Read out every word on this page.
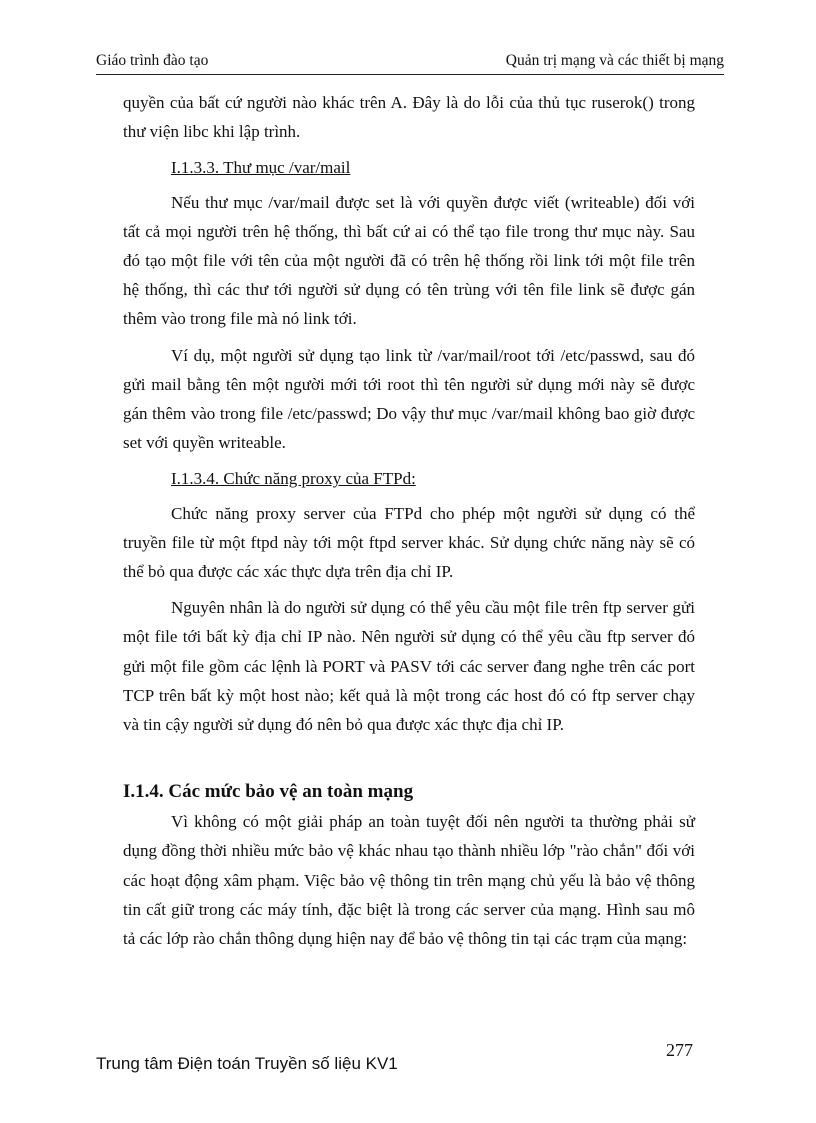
Giáo trình đào tạo	Quản trị mạng và các thiết bị mạng

quyền của bất cứ người nào khác trên A. Đây là do lỗi của thủ tục ruserok() trong thư viện libc khi lập trình.

I.1.3.3. Thư mục /var/mail

Nếu thư mục /var/mail được set là với quyền được viết (writeable) đối với tất cả mọi người trên hệ thống, thì bất cứ ai có thể tạo file trong thư mục này. Sau đó tạo một file với tên của một người đã có trên hệ thống rồi link tới một file trên hệ thống, thì các thư tới người sử dụng có tên trùng với tên file link sẽ được gán thêm vào trong file mà nó link tới.

Ví dụ, một người sử dụng tạo link từ /var/mail/root tới /etc/passwd, sau đó gửi mail bằng tên một người mới tới root thì tên người sử dụng mới này sẽ được gán thêm vào trong file /etc/passwd; Do vậy thư mục /var/mail không bao giờ được set với quyền writeable.

I.1.3.4. Chức năng proxy của FTPd:

Chức năng proxy server của FTPd cho phép một người sử dụng có thể truyền file từ một ftpd này tới một ftpd server khác. Sử dụng chức năng này sẽ có thể bỏ qua được các xác thực dựa trên địa chỉ IP.

Nguyên nhân là do người sử dụng có thể yêu cầu một file trên ftp server gửi một file tới bất kỳ địa chỉ IP nào. Nên người sử dụng có thể yêu cầu ftp server đó gửi một file gồm các lệnh là PORT và PASV tới các server đang nghe trên các port TCP trên bất kỳ một host nào; kết quả là một trong các host đó có ftp server chạy và tin cậy người sử dụng đó nên bỏ qua được xác thực địa chỉ IP.

I.1.4. Các mức bảo vệ an toàn mạng

Vì không có một giải pháp an toàn tuyệt đối nên người ta thường phải sử dụng đồng thời nhiều mức bảo vệ khác nhau tạo thành nhiều lớp "rào chắn" đối với các hoạt động xâm phạm. Việc bảo vệ thông tin trên mạng chủ yếu là bảo vệ thông tin cất giữ trong các máy tính, đặc biệt là trong các server của mạng. Hình sau mô tả các lớp rào chắn thông dụng hiện nay để bảo vệ thông tin tại các trạm của mạng:

Trung tâm Điện toán Truyền số liệu KV1
277
